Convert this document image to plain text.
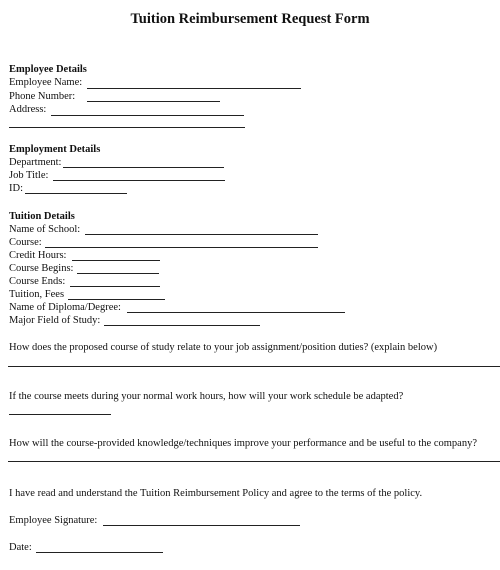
Tuition Reimbursement Request Form
Employee Details
Employee Name:
Phone Number:
Address:
Employment Details
Department:
Job Title:
ID:
Tuition Details
Name of School:
Course:
Credit Hours:
Course Begins:
Course Ends:
Tuition, Fees
Name of Diploma/Degree:
Major Field of Study:
How does the proposed course of study relate to your job assignment/position duties? (explain below)
If the course meets during your normal work hours, how will your work schedule be adapted?
How will the course-provided knowledge/techniques improve your performance and be useful to the company?
I have read and understand the Tuition Reimbursement Policy and agree to the terms of the policy.
Employee Signature:
Date:
